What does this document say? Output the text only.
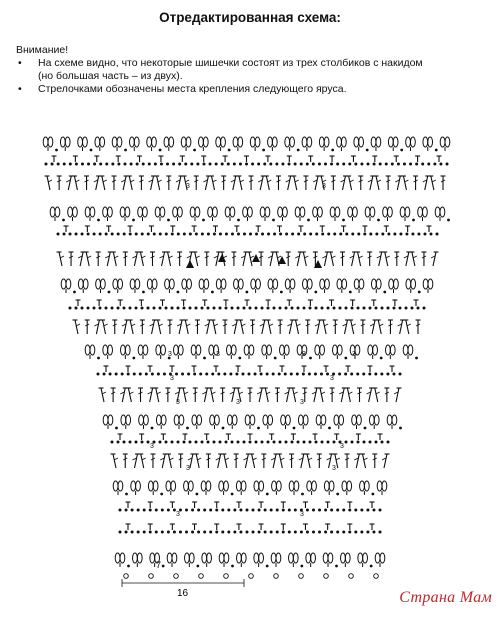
Отредактированная схема:
Внимание!
• На схеме видно, что некоторые шишечки состоят из трех столбиков с накидом
(но большая часть – из двух).
• Стрелочками обозначены места крепления следующего яруса.
3	3
3	3	3	3
3	3
3	3	3
3	3
3	3
3	3
7
16	Страна Мам
